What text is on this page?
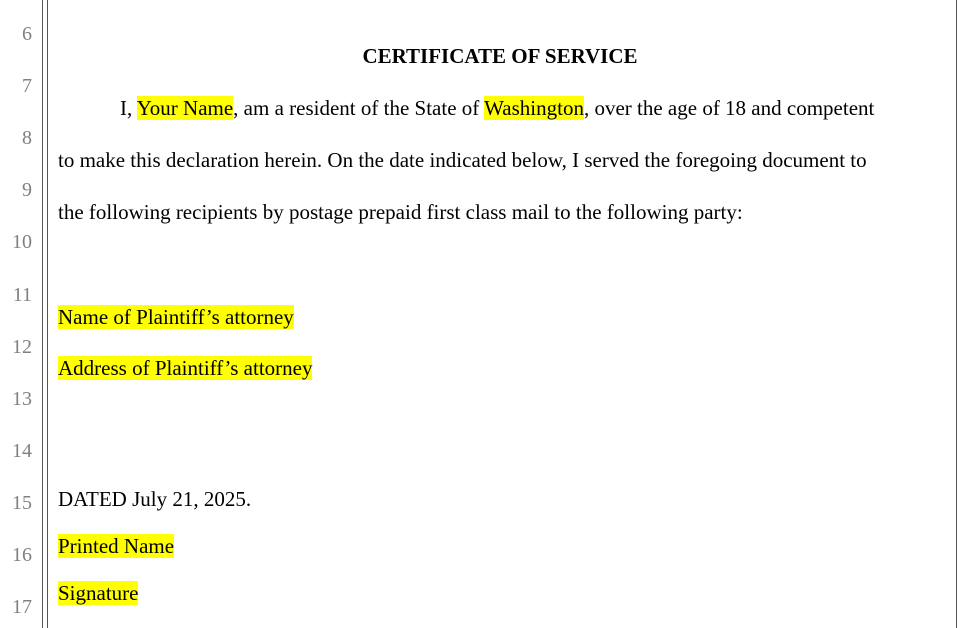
6
7
8
9
10
11
12
13
14
15
16
17
CERTIFICATE OF SERVICE
I, Your Name, am a resident of the State of Washington, over the age of 18 and competent
to make this declaration herein. On the date indicated below, I served the foregoing document to
the following recipients by postage prepaid first class mail to the following party:
Name of Plaintiff’s attorney
Address of Plaintiff’s attorney
DATED July 21, 2025.
Printed Name
Signature
